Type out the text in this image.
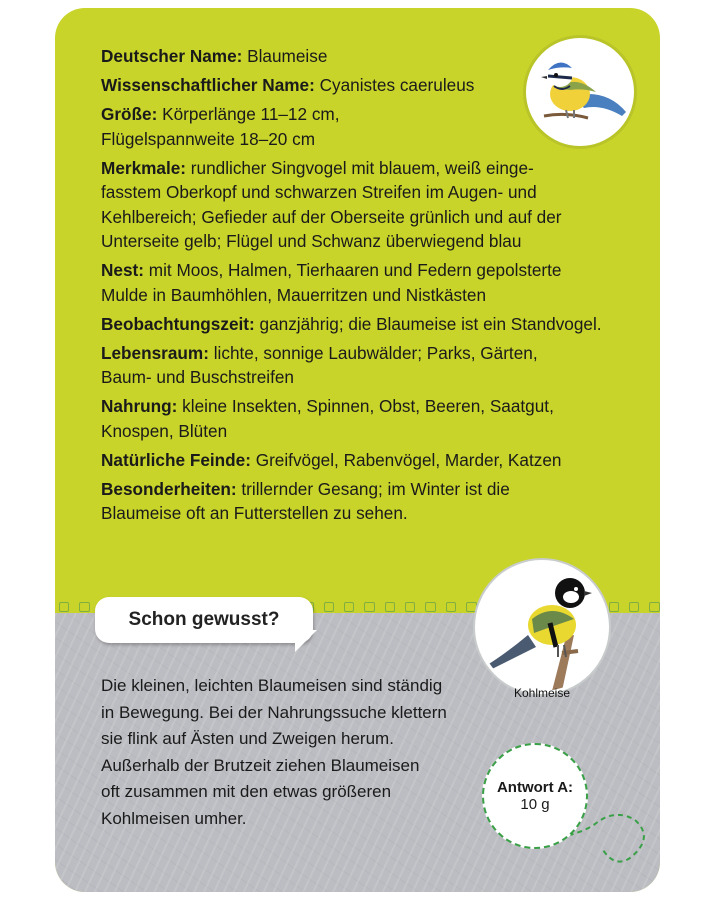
Deutscher Name: Blaumeise
Wissenschaftlicher Name: Cyanistes caeruleus
Größe: Körperlänge 11–12 cm,
Flügelspannweite 18–20 cm
Merkmale: rundlicher Singvogel mit blauem, weiß einge-
fasstem Oberkopf und schwarzen Streifen im Augen- und
Kehlbereich; Gefieder auf der Oberseite grünlich und auf der
Unterseite gelb; Flügel und Schwanz überwiegend blau
Nest: mit Moos, Halmen, Tierhaaren und Federn gepolsterte
Mulde in Baumhöhlen, Mauerritzen und Nistkästen
Beobachtungszeit: ganzjährig; die Blaumeise ist ein Standvogel.
Lebensraum: lichte, sonnige Laubwälder; Parks, Gärten,
Baum- und Buschstreifen
Nahrung: kleine Insekten, Spinnen, Obst, Beeren, Saatgut,
Knospen, Blüten
Natürliche Feinde: Greifvögel, Rabenvögel, Marder, Katzen
Besonderheiten: trillernder Gesang; im Winter ist die
Blaumeise oft an Futterstellen zu sehen.
Kohlmeise
Schon gewusst?
Die kleinen, leichten Blaumeisen sind ständig
in Bewegung. Bei der Nahrungssuche klettern
sie flink auf Ästen und Zweigen herum.
Außerhalb der Brutzeit ziehen Blaumeisen
oft zusammen mit den etwas größeren
Kohlmeisen umher.
Antwort A:
10 g
